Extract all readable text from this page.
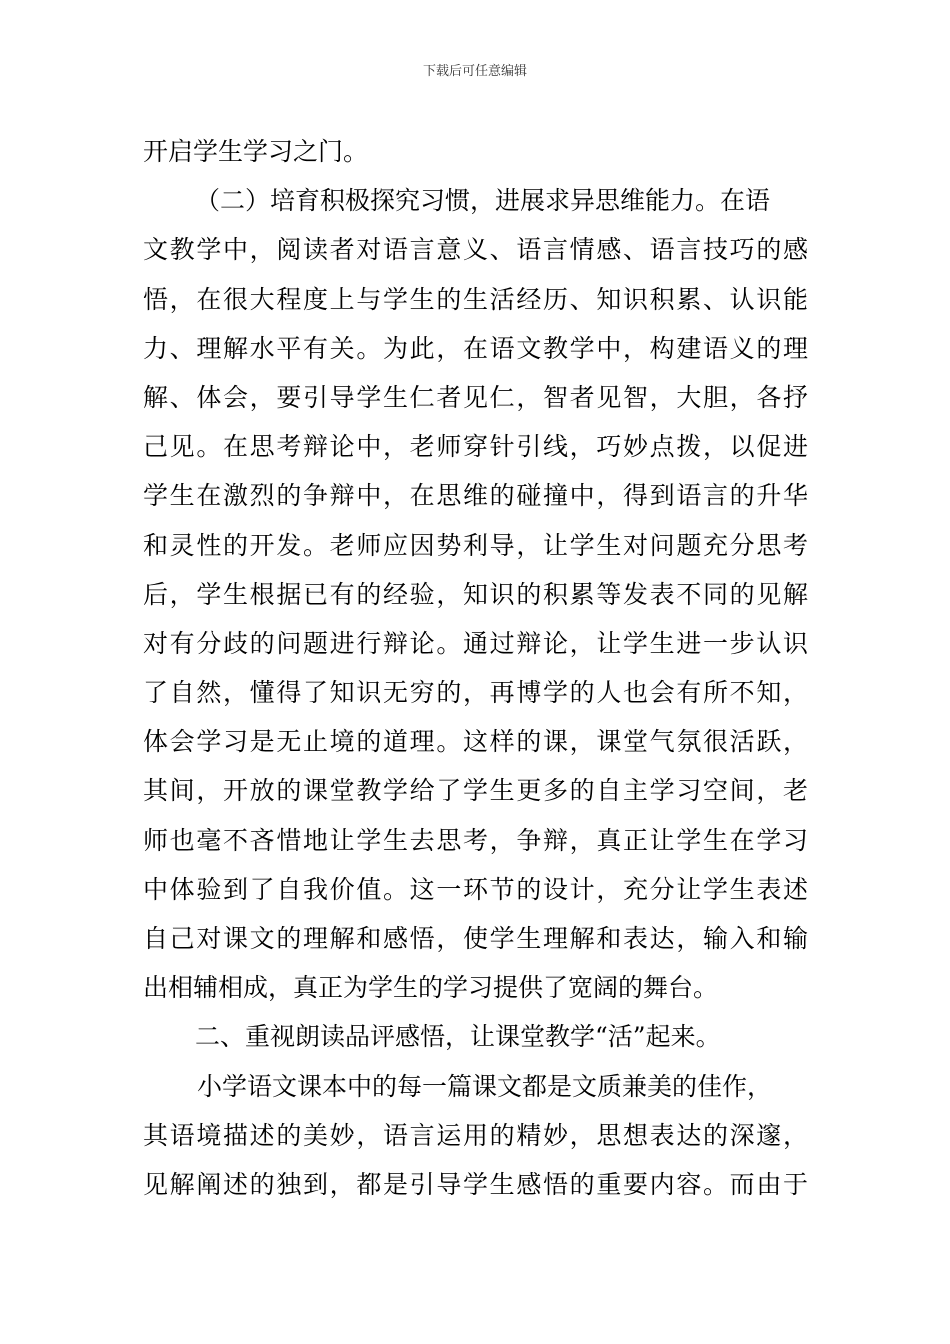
下载后可任意编辑
开启学生学习之门。
（二）培育积极探究习惯，进展求异思维能力。在语
文教学中，阅读者对语言意义、语言情感、语言技巧的感
悟，在很大程度上与学生的生活经历、知识积累、认识能
力、理解水平有关。为此，在语文教学中，构建语义的理
解、体会，要引导学生仁者见仁，智者见智，大胆，各抒
己见。在思考辩论中，老师穿针引线，巧妙点拨，以促进
学生在激烈的争辩中，在思维的碰撞中，得到语言的升华
和灵性的开发。老师应因势利导，让学生对问题充分思考
后，学生根据已有的经验，知识的积累等发表不同的见解
对有分歧的问题进行辩论。通过辩论，让学生进一步认识
了自然，懂得了知识无穷的，再博学的人也会有所不知，
体会学习是无止境的道理。这样的课，课堂气氛很活跃，
其间，开放的课堂教学给了学生更多的自主学习空间，老
师也毫不吝惜地让学生去思考，争辩，真正让学生在学习
中体验到了自我价值。这一环节的设计，充分让学生表述
自己对课文的理解和感悟，使学生理解和表达，输入和输
出相辅相成，真正为学生的学习提供了宽阔的舞台。
二、重视朗读品评感悟，让课堂教学“活”起来。
小学语文课本中的每一篇课文都是文质兼美的佳作，
其语境描述的美妙，语言运用的精妙，思想表达的深邃，
见解阐述的独到，都是引导学生感悟的重要内容。而由于
